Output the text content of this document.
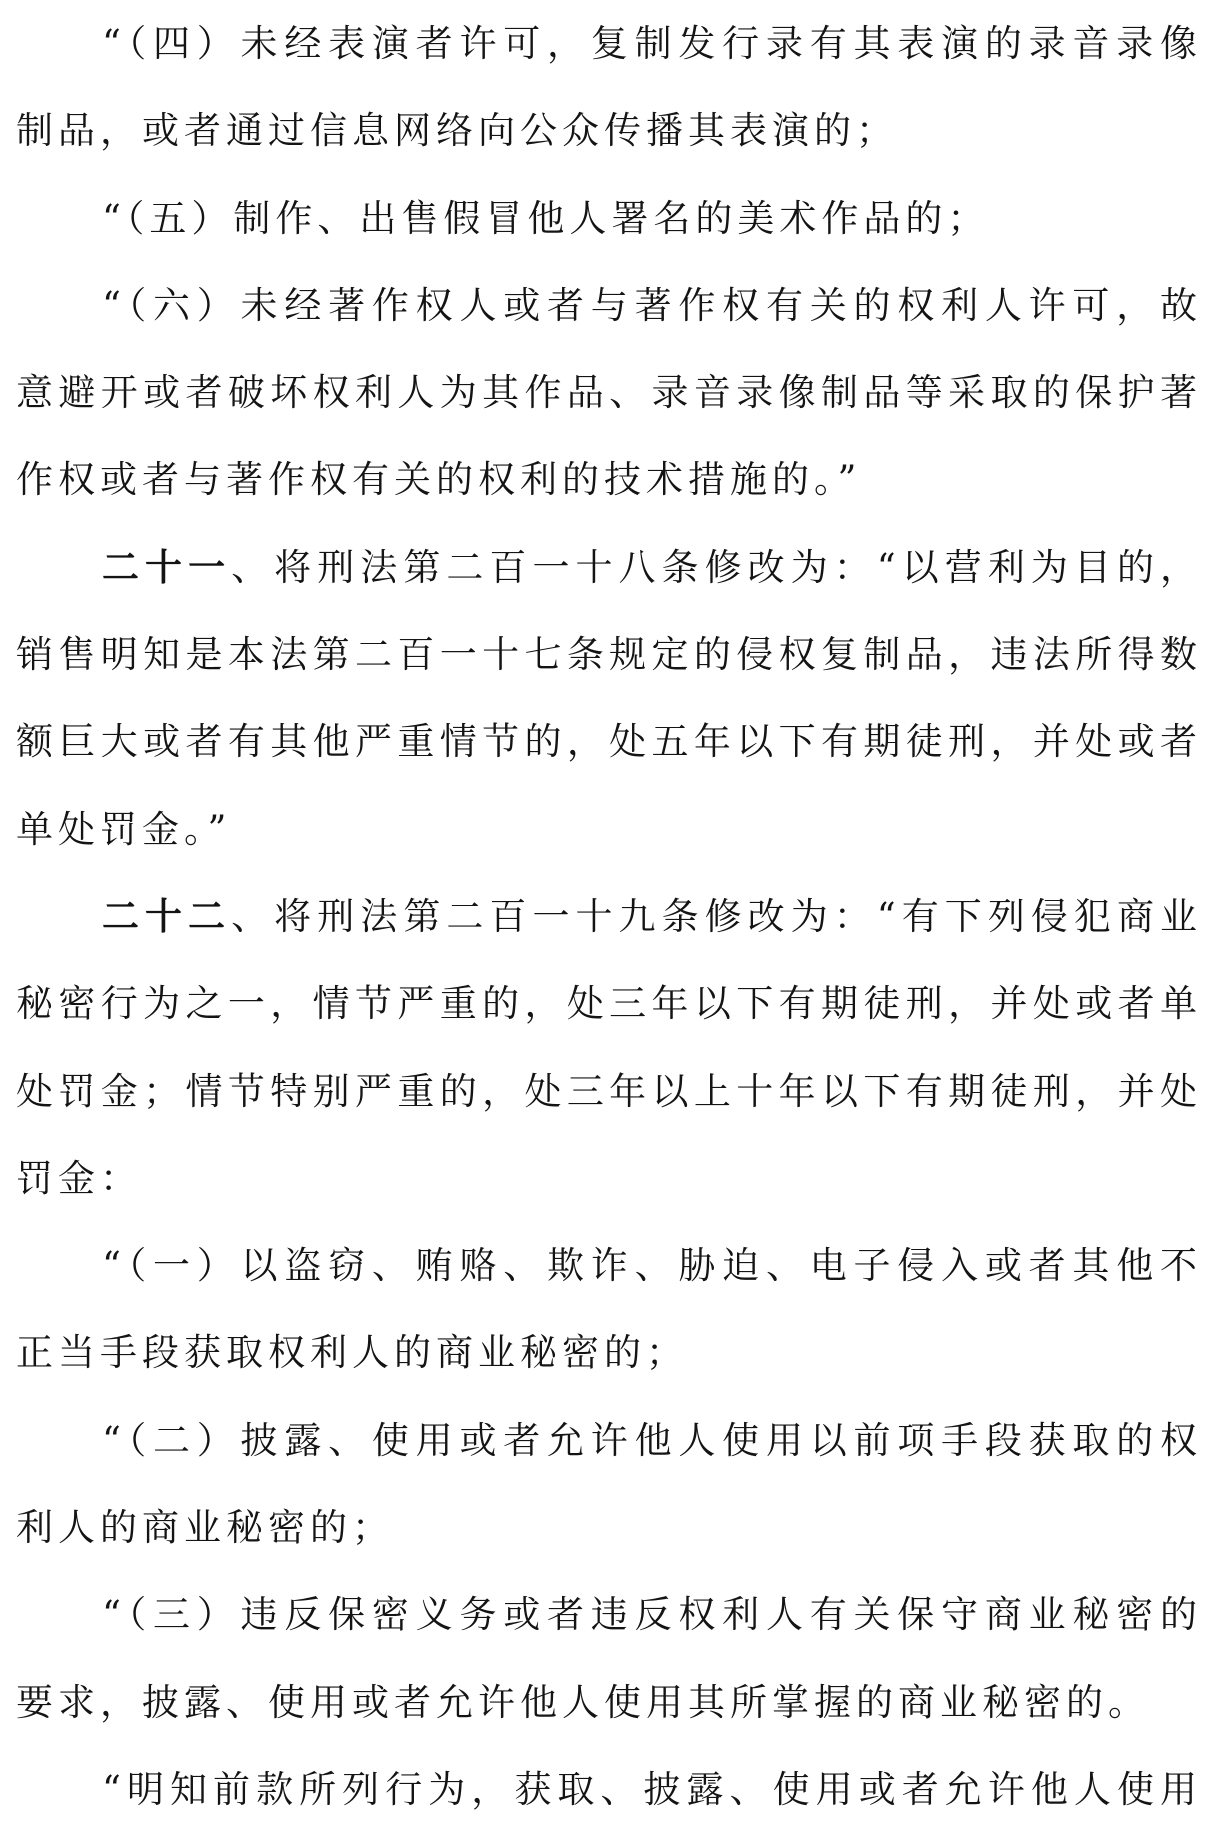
“（四）未经表演者许可，复制发行录有其表演的录音录像
制品，或者通过信息网络向公众传播其表演的；
“（五）制作、出售假冒他人署名的美术作品的；
“（六）未经著作权人或者与著作权有关的权利人许可，故
意避开或者破坏权利人为其作品、录音录像制品等采取的保护著
作权或者与著作权有关的权利的技术措施的。”
二十一、将刑法第二百一十八条修改为：“以营利为目的，
销售明知是本法第二百一十七条规定的侵权复制品，违法所得数
额巨大或者有其他严重情节的，处五年以下有期徒刑，并处或者
单处罚金。”
二十二、将刑法第二百一十九条修改为：“有下列侵犯商业
秘密行为之一，情节严重的，处三年以下有期徒刑，并处或者单
处罚金；情节特别严重的，处三年以上十年以下有期徒刑，并处
罚金：
“（一）以盗窃、贿赂、欺诈、胁迫、电子侵入或者其他不
正当手段获取权利人的商业秘密的；
“（二）披露、使用或者允许他人使用以前项手段获取的权
利人的商业秘密的；
“（三）违反保密义务或者违反权利人有关保守商业秘密的
要求，披露、使用或者允许他人使用其所掌握的商业秘密的。
“明知前款所列行为，获取、披露、使用或者允许他人使用
